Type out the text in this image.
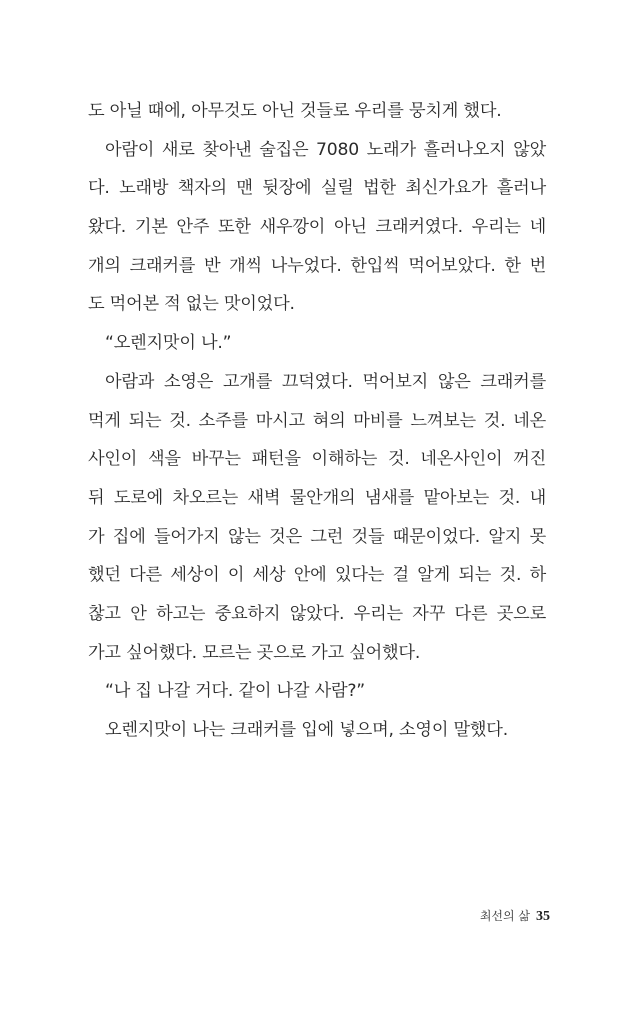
도 아닐 때에, 아무것도 아닌 것들로 우리를 뭉치게 했다.
아람이 새로 찾아낸 술집은 7080 노래가 흘러나오지 않았
다. 노래방 책자의 맨 뒷장에 실릴 법한 최신가요가 흘러나
왔다. 기본 안주 또한 새우깡이 아닌 크래커였다. 우리는 네
개의 크래커를 반 개씩 나누었다. 한입씩 먹어보았다. 한 번
도 먹어본 적 없는 맛이었다.
“오렌지맛이 나.”
아람과 소영은 고개를 끄덕였다. 먹어보지 않은 크래커를
먹게 되는 것. 소주를 마시고 혀의 마비를 느껴보는 것. 네온
사인이 색을 바꾸는 패턴을 이해하는 것. 네온사인이 꺼진
뒤 도로에 차오르는 새벽 물안개의 냄새를 맡아보는 것. 내
가 집에 들어가지 않는 것은 그런 것들 때문이었다. 알지 못
했던 다른 세상이 이 세상 안에 있다는 걸 알게 되는 것. 하
찮고 안 하고는 중요하지 않았다. 우리는 자꾸 다른 곳으로
가고 싶어했다. 모르는 곳으로 가고 싶어했다.
“나 집 나갈 거다. 같이 나갈 사람?”
오렌지맛이 나는 크래커를 입에 넣으며, 소영이 말했다.
최선의 삶 35
